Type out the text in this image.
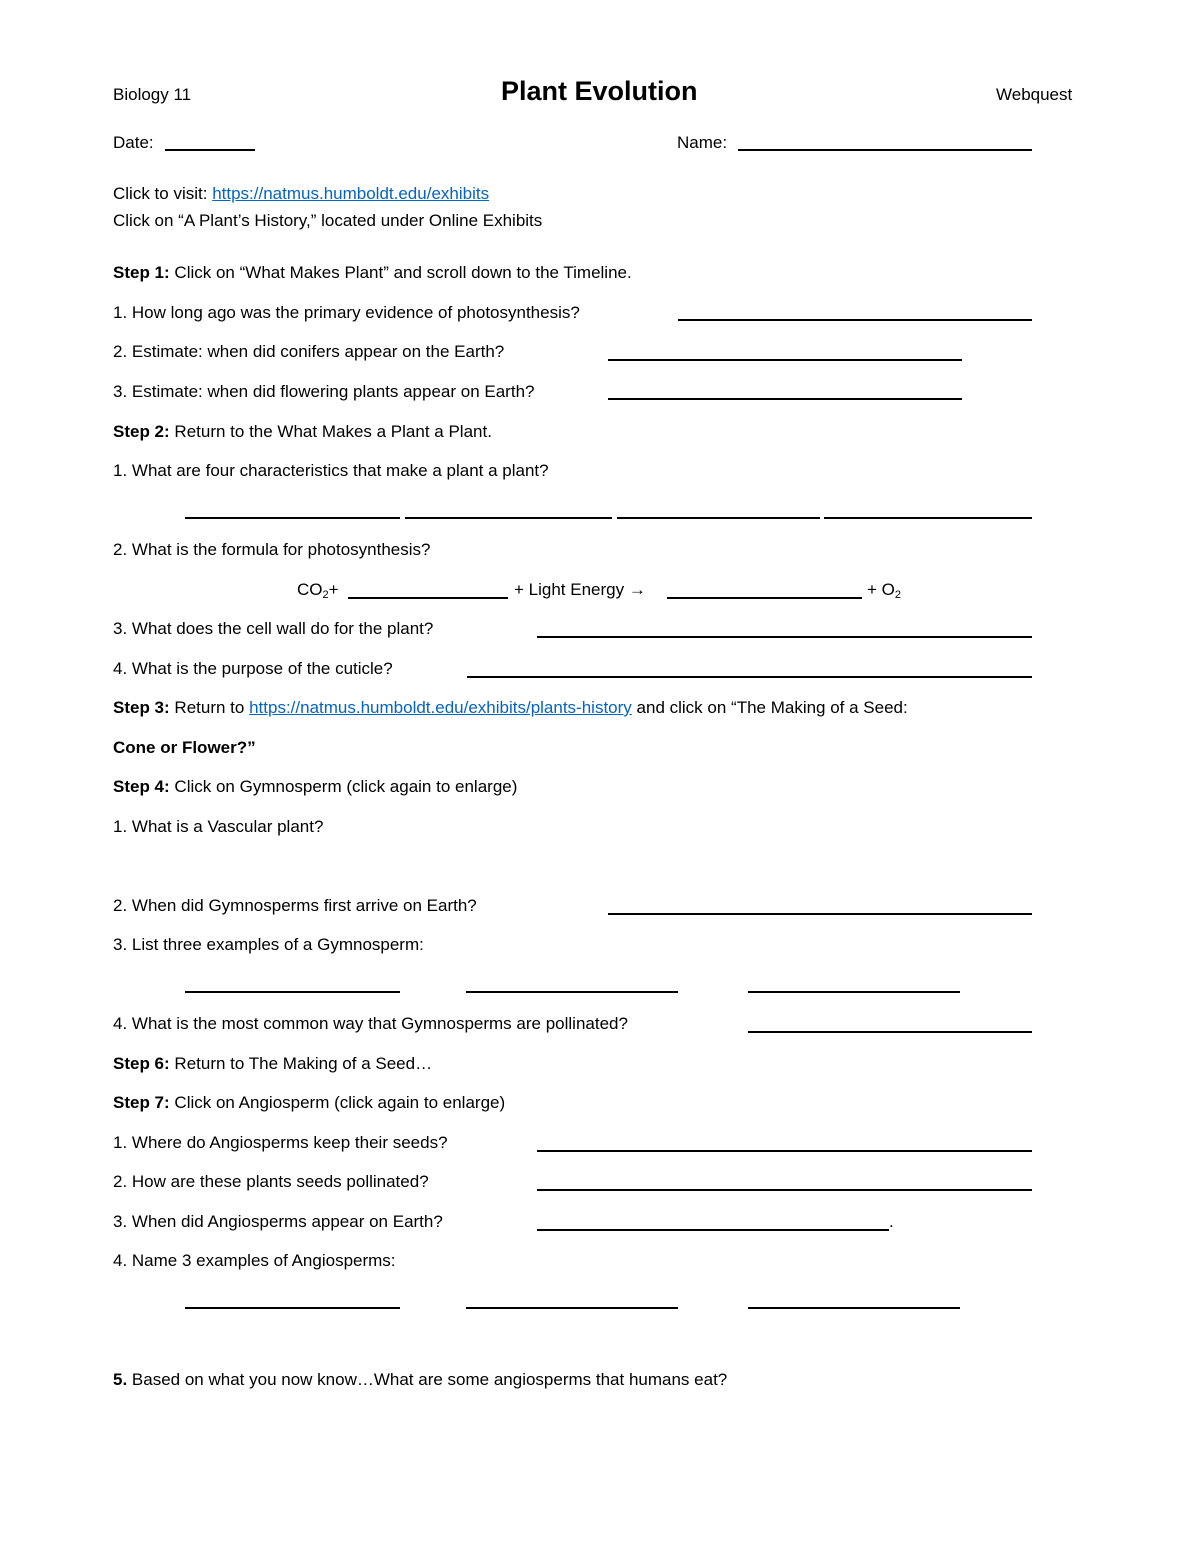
Biology 11	Plant Evolution	Webquest
Date:	Name:
Click to visit: https://natmus.humboldt.edu/exhibits
Click on “A Plant’s History,” located under Online Exhibits
Step 1: Click on “What Makes Plant” and scroll down to the Timeline.
1. How long ago was the primary evidence of photosynthesis?
2. Estimate: when did conifers appear on the Earth?
3. Estimate: when did flowering plants appear on Earth?
Step 2: Return to the What Makes a Plant a Plant.
1. What are four characteristics that make a plant a plant?
2. What is the formula for photosynthesis?
$CO_2+$	+ Light Energy →	+ $O_2$
3. What does the cell wall do for the plant?
4. What is the purpose of the cuticle?
Step 3: Return to https://natmus.humboldt.edu/exhibits/plants-history and click on “The Making of a Seed:
Cone or Flower?”
Step 4: Click on Gymnosperm (click again to enlarge)
1. What is a Vascular plant?
2. When did Gymnosperms first arrive on Earth?
3. List three examples of a Gymnosperm:
4. What is the most common way that Gymnosperms are pollinated?
Step 6: Return to The Making of a Seed…
Step 7: Click on Angiosperm (click again to enlarge)
1. Where do Angiosperms keep their seeds?
2. How are these plants seeds pollinated?
3. When did Angiosperms appear on Earth?	.
4. Name 3 examples of Angiosperms:
5. Based on what you now know…What are some angiosperms that humans eat?
